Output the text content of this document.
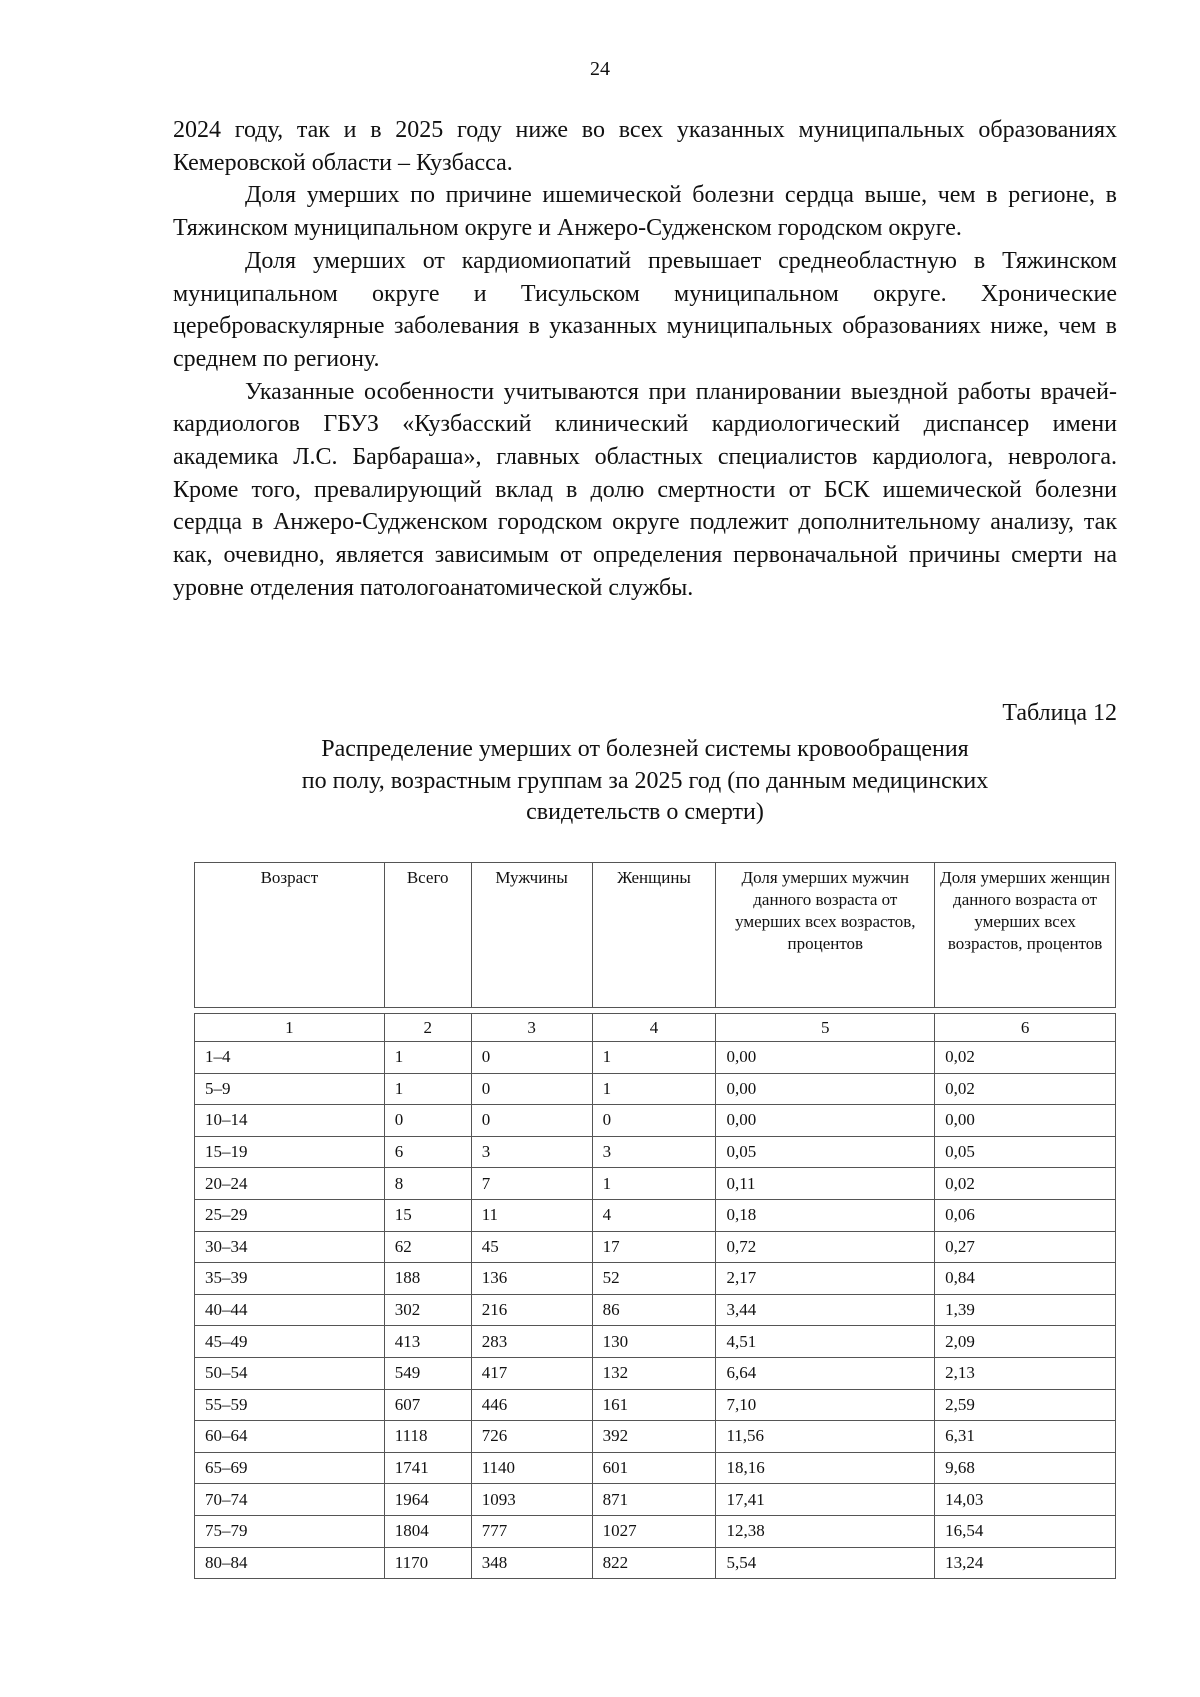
24

2024 году, так и в 2025 году ниже во всех указанных муниципальных образованиях Кемеровской области – Кузбасса.

Доля умерших по причине ишемической болезни сердца выше, чем в регионе, в Тяжинском муниципальном округе и Анжеро-Судженском городском округе.

Доля умерших от кардиомиопатий превышает среднеобластную в Тяжинском муниципальном округе и Тисульском муниципальном округе. Хронические цереброваскулярные заболевания в указанных муниципальных образованиях ниже, чем в среднем по региону.

Указанные особенности учитываются при планировании выездной работы врачей-кардиологов ГБУЗ «Кузбасский клинический кардиологический диспансер имени академика Л.С. Барбараша», главных областных специалистов кардиолога, невролога. Кроме того, превалирующий вклад в долю смертности от БСК ишемической болезни сердца в Анжеро-Судженском городском округе подлежит дополнительному анализу, так как, очевидно, является зависимым от определения первоначальной причины смерти на уровне отделения патологоанатомической службы.

Таблица 12
Распределение умерших от болезней системы кровообращения
по полу, возрастным группам за 2025 год (по данным медицинских
свидетельств о смерти)
Возраст	Всего	Мужчины	Женщины	Доля умерших мужчин данного возраста от умерших всех возрастов, процентов	Доля умерших женщин данного возраста от умерших всех возрастов, процентов
1	2	3	4	5	6
1–4	1	0	1	0,00	0,02
5–9	1	0	1	0,00	0,02
10–14	0	0	0	0,00	0,00
15–19	6	3	3	0,05	0,05
20–24	8	7	1	0,11	0,02
25–29	15	11	4	0,18	0,06
30–34	62	45	17	0,72	0,27
35–39	188	136	52	2,17	0,84
40–44	302	216	86	3,44	1,39
45–49	413	283	130	4,51	2,09
50–54	549	417	132	6,64	2,13
55–59	607	446	161	7,10	2,59
60–64	1118	726	392	11,56	6,31
65–69	1741	1140	601	18,16	9,68
70–74	1964	1093	871	17,41	14,03
75–79	1804	777	1027	12,38	16,54
80–84	1170	348	822	5,54	13,24
